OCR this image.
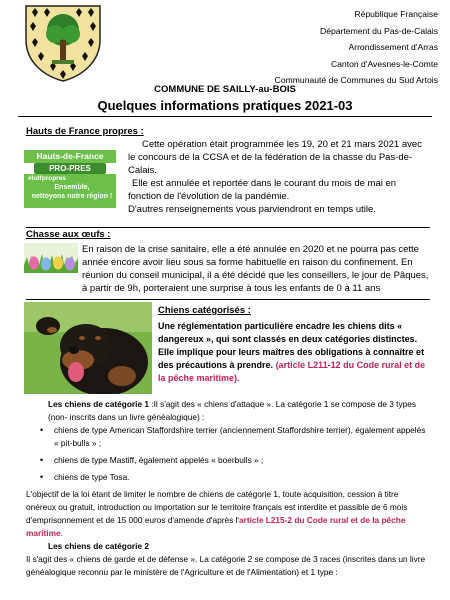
République Française
Département du Pas-de-Calais
Arrondissement d'Arras
Canton d'Avesnes-le-Comte
Communauté de Communes du Sud Artois
COMMUNE DE SAILLY-au-BOIS
Quelques informations pratiques 2021-03
Hauts de France propres :
Hauts-de-France
PRO-PRES
#hdfpropres
Ensemble,
nettoyons notre région !
Cette opération était programmée les 19, 20 et 21 mars 2021 avec le concours de la CCSA et de la fédération de la chasse du Pas-de-Calais.
Elle est annulée et reportée dans le courant du mois de mai en fonction de l'évolution de la pandémie.
D'autres renseignements vous parviendront en temps utile.
Chasse aux œufs :
En raison de la crise sanitaire, elle a été annulée en 2020 et ne pourra pas cette année encore avoir lieu sous sa forme habituelle en raison du confinement. En réunion du conseil municipal, il a été décidé que les conseillers, le jour de Pâques, à partir de 9h, porteraient une surprise à tous les enfants de 0 à 11 ans
Chiens catégorisés :
Une réglementation particulière encadre les chiens dits « dangereux », qui sont classés en deux catégories distinctes. Elle implique pour leurs maîtres des obligations à connaître et des précautions à prendre. (article L211-12 du Code rural et de la pêche maritime).
Les chiens de catégorie 1 :Il s'agit des « chiens d'attaque ». La catégorie 1 se compose de 3 types (non- inscrits dans un livre généalogique) :
• chiens de type American Staffordshire terrier (anciennement Staffordshire terrier), également appelés « pit-bulls » ;
• chiens de type Mastiff, également appelés « boerbulls » ;
• chiens de type Tosa.
L'objectif de la loi étant de limiter le nombre de chiens de catégorie 1, toute acquisition, cession à titre onéreux ou gratuit, introduction ou importation sur le territoire français est interdite et passible de 6 mois d'emprisonnement et de 15 000 euros d'amende d'après l'article L215-2 du Code rural et de la pêche maritime.
Les chiens de catégorie 2
Il s'agit des « chiens de garde et de défense ». La catégorie 2 se compose de 3 races (inscrites dans un livre généalogique reconnu par le ministère de l'Agriculture et de l'Alimentation) et 1 type :
